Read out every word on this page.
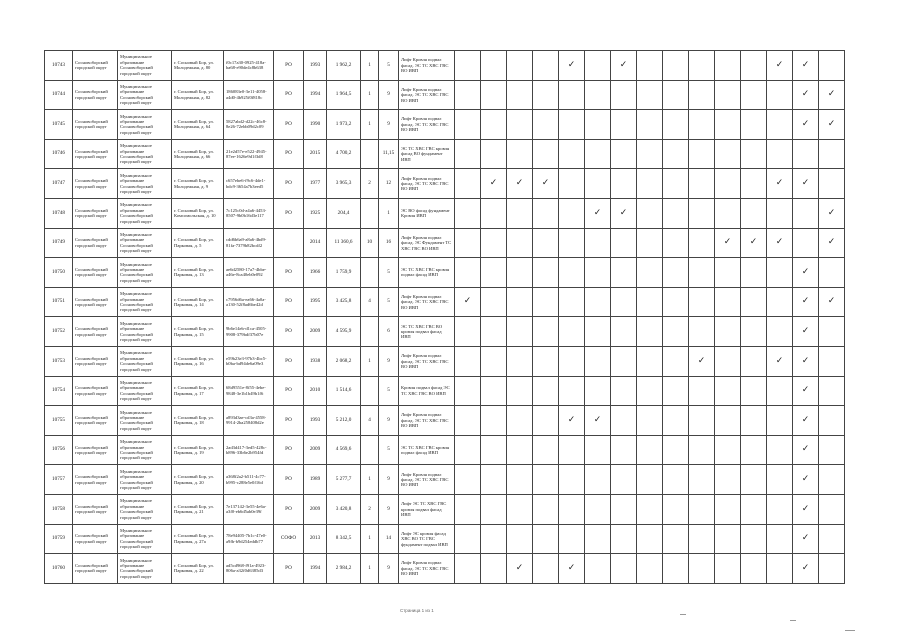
10743	Сосновоборский городской округ	Муниципальное образование Сосновоборский городской округ	г. Сосновый Бор, ул. Молодежная, д. 80	f0c17a30-0925-418a-ba68-e90de4c8b638	РО	1993	1 962,2	1	5	Лифт Кровля подвал фасад. ЭС ТС ХВС ГВС ВО ИВП					✓		✓						✓	✓	
10744	Сосновоборский городской округ	Муниципальное образование Сосновоборский городской округ	г. Сосновый Бор, ул. Молодежная, д. 82	186083e0-3e11-4058-a4d0-4b925f0f818c	РО	1994	1 964,5	1	9	Лифт Кровля подвал фасад. ЭС ТС ХВС ГВС ВО ИВП														✓	✓
10745	Сосновоборский городской округ	Муниципальное образование Сосновоборский городской округ	г. Сосновый Бор, ул. Молодежная, д. 64	5827abd2-d22c-46c8-8e26-72ebb09d2c09	РО	1990	1 973,2	1	9	Лифт Кровля подвал фасад. ЭС ТС ХВС ГВС ВО ИВП														✓	✓
10746	Сосновоборский городской округ	Муниципальное образование Сосновоборский городской округ	г. Сосновый Бор, ул. Молодежная, д. 66	21e2d57e-e522-4945-87ee-1626e9d1f3d8	РО	2015	4 700,2		11,15	ЭС ТС ХВС ГВС кровля фасад ВО фундамент ИВП															
10747	Сосновоборский городской округ	Муниципальное образование Сосновоборский городской округ	г. Сосновый Бор, ул. Молодежная, д. 9	c657ebe6-f9c6-4de1-bdc9-3654a7b3eed5	РО	1977	3 965,3	2	12	Лифт Кровля подвал фасад. ЭС ТС ХВС ГВС ВО ИВП		✓	✓	✓									✓	✓	
10748	Сосновоборский городской округ	Муниципальное образование Сосновоборский городской округ	г. Сосновый Бор, ул. Комсомольская, д. 10	7c125c0d-a4a6-4453-8507-9b0b16d3e117	РО	1925	204,4		1	ЭС ВО фасад фундамент Кровля ИВП						✓	✓								✓
10749	Сосновоборский городской округ	Муниципальное образование Сосновоборский городской округ	г. Сосновый Бор, ул. Парковая, д. 5	cdd6b6a9-a8a6-4bd9-81fa-7379b82bcdf2		2014	11 360,6	10	16	Лифт Кровля подвал фасад. ЭС Фундамент ТС ХВС ГВС ВО ИВП											✓	✓	✓		✓
10750	Сосновоборский городской округ	Муниципальное образование Сосновоборский городской округ	г. Сосновый Бор, ул. Парковая, д. 13	ae6d2580-17a7-4bbe-a46e-8ca40eb0e092	РО	1966	1 759,9		5	ЭС ТС ХВС ГВС кровля подвал фасад ИВП														✓	
10751	Сосновоборский городской округ	Муниципальное образование Сосновоборский городской округ	г. Сосновый Бор, ул. Парковая, д. 14	c7956d6a-ea66-4a0a-a130-52f8ad6be42d	РО	1995	3 425,8	4	5	Лифт Кровля подвал фасад. ЭС ТС ХВС ГВС ВО ИВП	✓													✓	✓
10752	Сосновоборский городской округ	Муниципальное образование Сосновоборский городской округ	г. Сосновый Бор, ул. Парковая, д. 15	9b6e14eb-d1ca-4505-9908-379bdf37b07e	РО	2009	4 595,9		6	ЭС ТС ХВС ГВС ВО кровля подвал фасад ИВП														✓	
10753	Сосновоборский городской округ	Муниципальное образование Сосновоборский городской округ	г. Сосновый Бор, ул. Парковая, д. 16	e59b23e3-97b3-4bc5-b0ba-bd94de6a09e3	РО	1938	2 068,2	1	9	Лифт Кровля подвал фасад. ЭС ТС ХВС ГВС ВО ИВП										✓			✓	✓	
10754	Сосновоборский городской округ	Муниципальное образование Сосновоборский городской округ	г. Сосновый Бор, ул. Парковая, д. 17	68d9551e-8f55-4ebe-9848-3e1b1b49b1f6	РО	2010	1 514,6		5	Кровля подвал фасад ЭС ТС ХВС ГВС ВО ИВП														✓	
10755	Сосновоборский городской округ	Муниципальное образование Сосновоборский городской округ	г. Сосновый Бор, ул. Парковая, д. 18	a893d3ae-cd3a-4558-9914-2ba258408d2e	РО	1993	5 212,0	4	9	Лифт Кровля подвал фасад. ЭС ТС ХВС ГВС ВО ИВП					✓	✓								✓	
10756	Сосновоборский городской округ	Муниципальное образование Сосновоборский городской округ	г. Сосновый Бор, ул. Парковая, д. 19	2ad3d417-3ed5-428c-b896-33b6e2b954fd	РО	2009	4 569,6		5	ЭС ТС ХВС ГВС кровля подвал фасад ИВП														✓	
10757	Сосновоборский городской округ	Муниципальное образование Сосновоборский городской округ	г. Сосновый Бор, ул. Парковая, д. 20	a368f2a2-b511-4c77-b995-c288e5e0f16d	РО	1989	5 277,7	1	9	Лифт Кровля подвал фасад. ЭС ТС ХВС ГВС ВО ИВП														✓	
10758	Сосновоборский городской округ	Муниципальное образование Сосновоборский городской округ	г. Сосновый Бор, ул. Парковая, д. 21	7e137142-3e55-4e6a-a3f0-eb6d5ab0e39f	РО	2009	3 420,8	2	9	Лифт ЭС ТС ХВС ГВС кровля подвал фасад ИВП														✓	
10759	Сосновоборский городской округ	Муниципальное образование Сосновоборский городской округ	г. Сосновый Бор, ул. Парковая, д. 27а	78e94405-7b1c-47e0-a9fb-b9d254eddb77	СОФО	2013	8 342,5	1	14	Лифт ЭС кровля фасад ХВС ВО ТС ГВС фундамент подвал ИВП														✓	
10760	Сосновоборский городской округ	Муниципальное образование Сосновоборский городской округ	г. Сосновый Бор, ул. Парковая, д. 22	ad5cd968-f91a-4923-806a-a32f0d6385d3	РО	1994	2 984,2	1	9	Лифт Кровля подвал фасад. ЭС ТС ХВС ГВС ВО ИВП			✓		✓									✓	
Страница 1 из 1
